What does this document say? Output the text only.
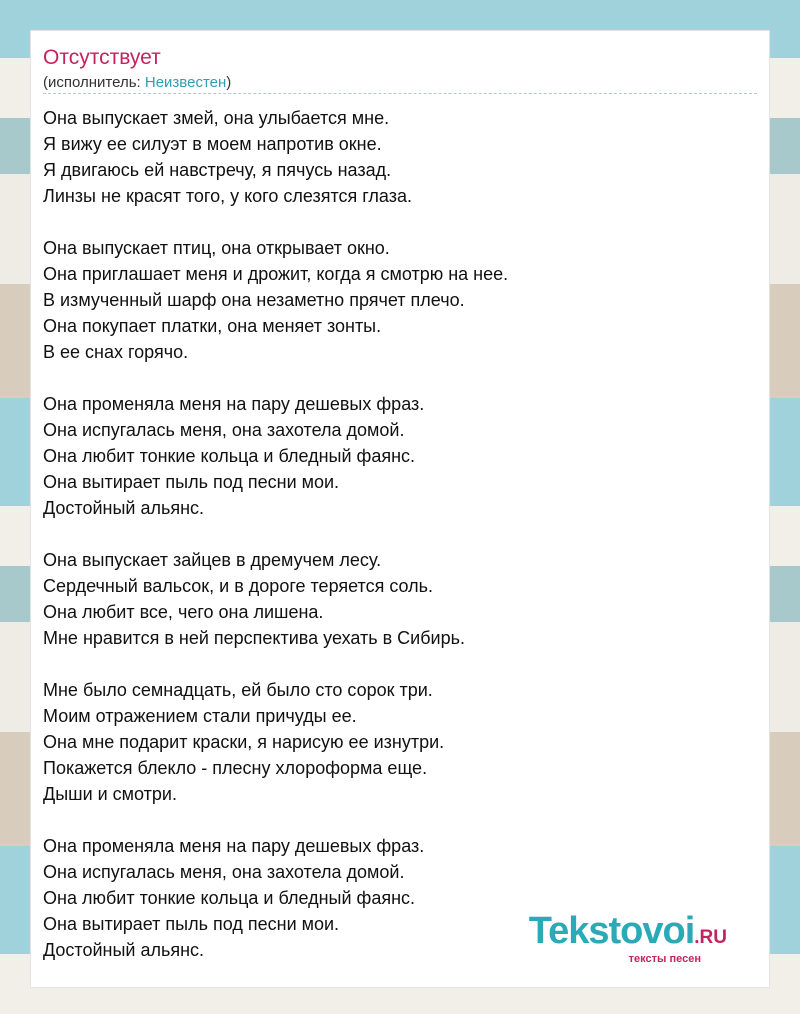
Отсутствует
(исполнитель: Неизвестен)
Она выпускает змей, она улыбается мне.
Я вижу ее силуэт в моем напротив окне.
Я двигаюсь ей навстречу, я пячусь назад.
Линзы не красят того, у кого слезятся глаза.
Она выпускает птиц, она открывает окно.
Она приглашает меня и дрожит, когда я смотрю на нее.
В измученный шарф она незаметно прячет плечо.
Она покупает платки, она меняет зонты.
В ее снах горячо.
Она променяла меня на пару дешевых фраз.
Она испугалась меня, она захотела домой.
Она любит тонкие кольца и бледный фаянс.
Она вытирает пыль под песни мои.
Достойный альянс.
Она выпускает зайцев в дремучем лесу.
Сердечный вальсок, и в дороге теряется соль.
Она любит все, чего она лишена.
Мне нравится в ней перспектива уехать в Сибирь.
Мне было семнадцать, ей было сто сорок три.
Моим отражением стали причуды ее.
Она мне подарит краски, я нарисую ее изнутри.
Покажется блекло - плесну хлороформа еще.
Дыши и смотри.
Она променяла меня на пару дешевых фраз.
Она испугалась меня, она захотела домой.
Она любит тонкие кольца и бледный фаянс.
Она вытирает пыль под песни мои.
Достойный альянс.	Tekstovoi.RU
тексты песен
